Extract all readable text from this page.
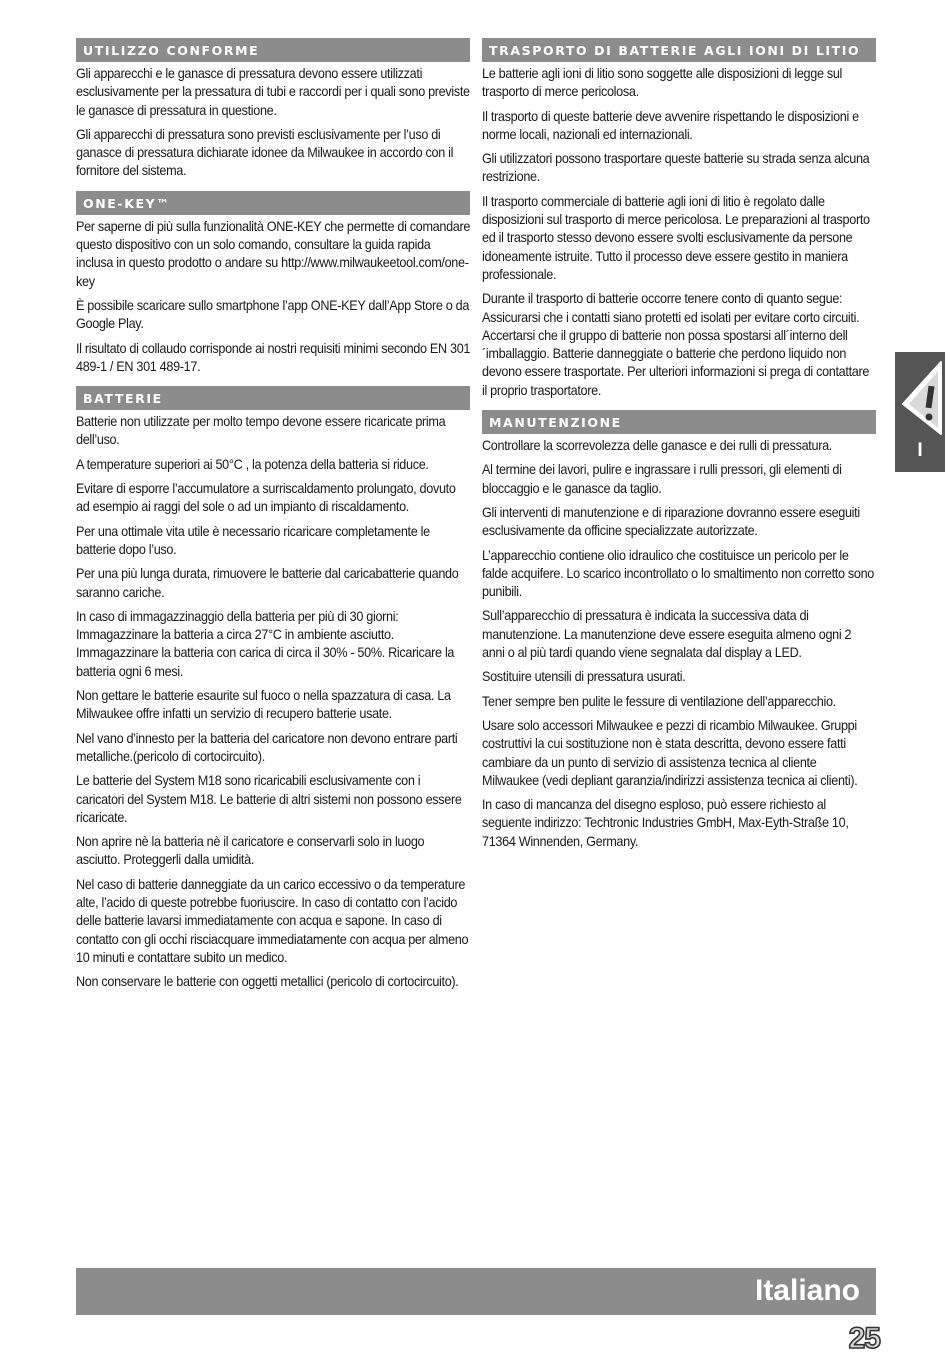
UTILIZZO CONFORME

Gli apparecchi e le ganasce di pressatura devono essere utilizzati esclusivamente per la pressatura di tubi e raccordi per i quali sono previste le ganasce di pressatura in questione.

Gli apparecchi di pressatura sono previsti esclusivamente per l’uso di ganasce di pressatura dichiarate idonee da Milwaukee in accordo con il fornitore del sistema.

ONE-KEY™

Per saperne di più sulla funzionalità ONE-KEY che permette di comandare questo dispositivo con un solo comando, consultare la guida rapida inclusa in questo prodotto o andare su http://www.milwaukeetool.com/one-key

È possibile scaricare sullo smartphone l’app ONE-KEY dall’App Store o da Google Play.

Il risultato di collaudo corrisponde ai nostri requisiti minimi secondo EN 301 489-1 / EN 301 489-17.

BATTERIE

Batterie non utilizzate per molto tempo devone essere ricaricate prima dell’uso.

A temperature superiori ai 50°C , la potenza della batteria si riduce.

Evitare di esporre l’accumulatore a surriscaldamento prolungato, dovuto ad esempio ai raggi del sole o ad un impianto di riscaldamento.

Per una ottimale vita utile è necessario ricaricare completamente le batterie dopo l’uso.

Per una più lunga durata, rimuovere le batterie dal caricabatterie quando saranno cariche.

In caso di immagazzinaggio della batteria per più di 30 giorni: Immagazzinare la batteria a circa 27°C in ambiente asciutto. Immagazzinare la batteria con carica di circa il 30% - 50%. Ricaricare la batteria ogni 6 mesi.

Non gettare le batterie esaurite sul fuoco o nella spazzatura di casa. La Milwaukee offre infatti un servizio di recupero batterie usate.

Nel vano d’innesto per la batteria del caricatore non devono entrare parti metalliche.(pericolo di cortocircuito).

Le batterie del System M18 sono ricaricabili esclusivamente con i caricatori del System M18. Le batterie di altri sistemi non possono essere ricaricate.

Non aprire nè la batteria nè il caricatore e conservarli solo in luogo asciutto. Proteggerli dalla umidità.

Nel caso di batterie danneggiate da un carico eccessivo o da temperature alte, l’acido di queste potrebbe fuoriuscire. In caso di contatto con l’acido delle batterie lavarsi immediatamente con acqua e sapone. In caso di contatto con gli occhi risciacquare immediatamente con acqua per almeno 10 minuti e contattare subito un medico.

Non conservare le batterie con oggetti metallici (pericolo di cortocircuito).

TRASPORTO DI BATTERIE AGLI IONI DI LITIO

Le batterie agli ioni di litio sono soggette alle disposizioni di legge sul trasporto di merce pericolosa.

Il trasporto di queste batterie deve avvenire rispettando le disposizioni e norme locali, nazionali ed internazionali.

Gli utilizzatori possono trasportare queste batterie su strada senza alcuna restrizione.

Il trasporto commerciale di batterie agli ioni di litio è regolato dalle disposizioni sul trasporto di merce pericolosa. Le preparazioni al trasporto ed il trasporto stesso devono essere svolti esclusivamente da persone idoneamente istruite. Tutto il processo deve essere gestito in maniera professionale.

Durante il trasporto di batterie occorre tenere conto di quanto segue:
Assicurarsi che i contatti siano protetti ed isolati per evitare corto circuiti. Accertarsi che il gruppo di batterie non possa spostarsi all´interno dell´imballaggio. Batterie danneggiate o batterie che perdono liquido non devono essere trasportate. Per ulteriori informazioni si prega di contattare il proprio trasportatore.

MANUTENZIONE

Controllare la scorrevolezza delle ganasce e dei rulli di pressatura.

Al termine dei lavori, pulire e ingrassare i rulli pressori, gli elementi di bloccaggio e le ganasce da taglio.

Gli interventi di manutenzione e di riparazione dovranno essere eseguiti esclusivamente da officine specializzate autorizzate.

L’apparecchio contiene olio idraulico che costituisce un pericolo per le falde acquifere. Lo scarico incontrollato o lo smaltimento non corretto sono punibili.

Sull’apparecchio di pressatura è indicata la successiva data di manutenzione. La manutenzione deve essere eseguita almeno ogni 2 anni o al più tardi quando viene segnalata dal display a LED.

Sostituire utensili di pressatura usurati.

Tener sempre ben pulite le fessure di ventilazione dell’apparecchio.

Usare solo accessori Milwaukee e pezzi di ricambio Milwaukee. Gruppi costruttivi la cui sostituzione non è stata descritta, devono essere fatti cambiare da un punto di servizio di assistenza tecnica al cliente Milwaukee (vedi depliant garanzia/indirizzi assistenza tecnica ai clienti).

In caso di mancanza del disegno esploso, può essere richiesto al seguente indirizzo: Techtronic Industries GmbH, Max-Eyth-Straße 10, 71364 Winnenden, Germany.

I
Italiano
25
